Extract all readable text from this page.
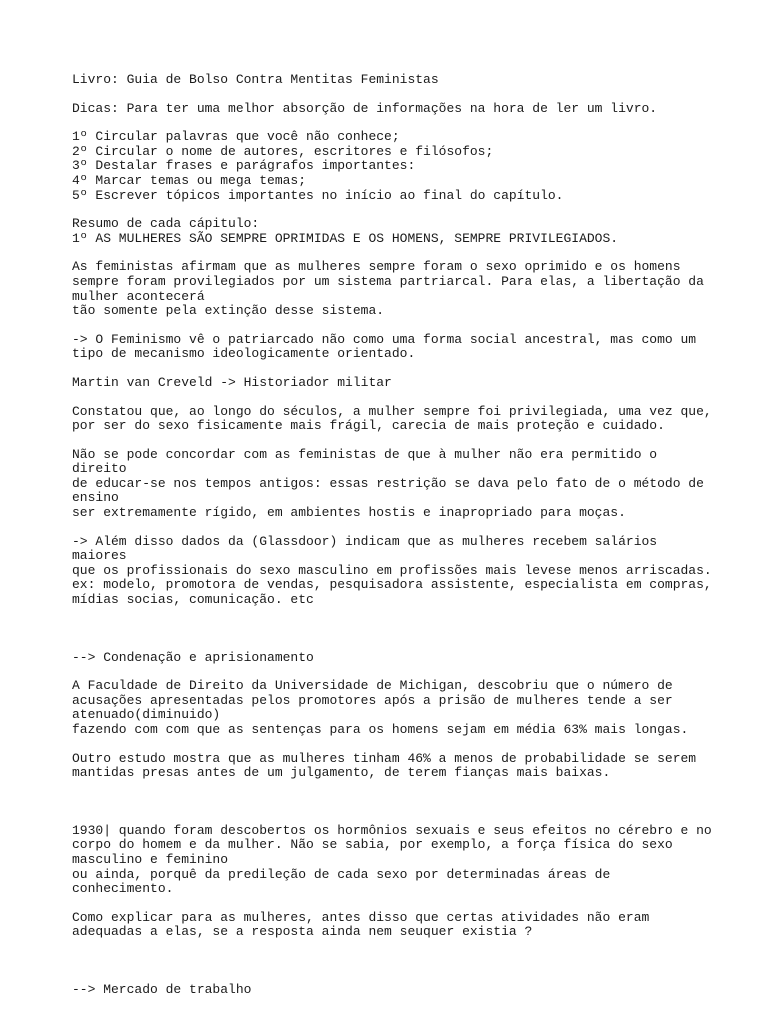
Livro: Guia de Bolso Contra Mentitas Feministas
Dicas: Para ter uma melhor absorção de informações na hora de ler um livro.
1º Circular palavras que você não conhece;
2º Circular o nome de autores, escritores e filósofos;
3º Destalar frases e parágrafos importantes:
4º Marcar temas ou mega temas;
5º Escrever tópicos importantes no início ao final do capítulo.
Resumo de cada cápitulo:
1º AS MULHERES SÃO SEMPRE OPRIMIDAS E OS HOMENS, SEMPRE PRIVILEGIADOS.
As feministas afirmam que as mulheres sempre foram o sexo oprimido e os homens
sempre foram provilegiados por um sistema partriarcal. Para elas, a libertação da
mulher acontecerá
tão somente pela extinção desse sistema.
-> O Feminismo vê o patriarcado não como uma forma social ancestral, mas como um
tipo de mecanismo ideologicamente orientado.
Martin van Creveld -> Historiador militar
Constatou que, ao longo do séculos, a mulher sempre foi privilegiada, uma vez que,
por ser do sexo fisicamente mais frágil, carecia de mais proteção e cuidado.
Não se pode concordar com as feministas de que à mulher não era permitido o direito
de educar-se nos tempos antigos: essas restrição se dava pelo fato de o método de
ensino
ser extremamente rígido, em ambientes hostis e inapropriado para moças.
-> Além disso dados da (Glassdoor) indicam que as mulheres recebem salários maiores
que os profissionais do sexo masculino em profissões mais levese menos arriscadas.
ex: modelo, promotora de vendas, pesquisadora assistente, especialista em compras,
mídias socias, comunicação. etc
--> Condenação e aprisionamento
A Faculdade de Direito da Universidade de Michigan, descobriu que o número de
acusações apresentadas pelos promotores após a prisão de mulheres tende a ser
atenuado(diminuido)
fazendo com com que as sentenças para os homens sejam em média 63% mais longas.
Outro estudo mostra que as mulheres tinham 46% a menos de probabilidade se serem
mantidas presas antes de um julgamento, de terem fianças mais baixas.
1930| quando foram descobertos os hormônios sexuais e seus efeitos no cérebro e no
corpo do homem e da mulher. Não se sabia, por exemplo, a força física do sexo
masculino e feminino
ou ainda, porquê da predileção de cada sexo por determinadas áreas de conhecimento.
Como explicar para as mulheres, antes disso que certas atividades não eram
adequadas a elas, se a resposta ainda nem seuquer existia ?
--> Mercado de trabalho
